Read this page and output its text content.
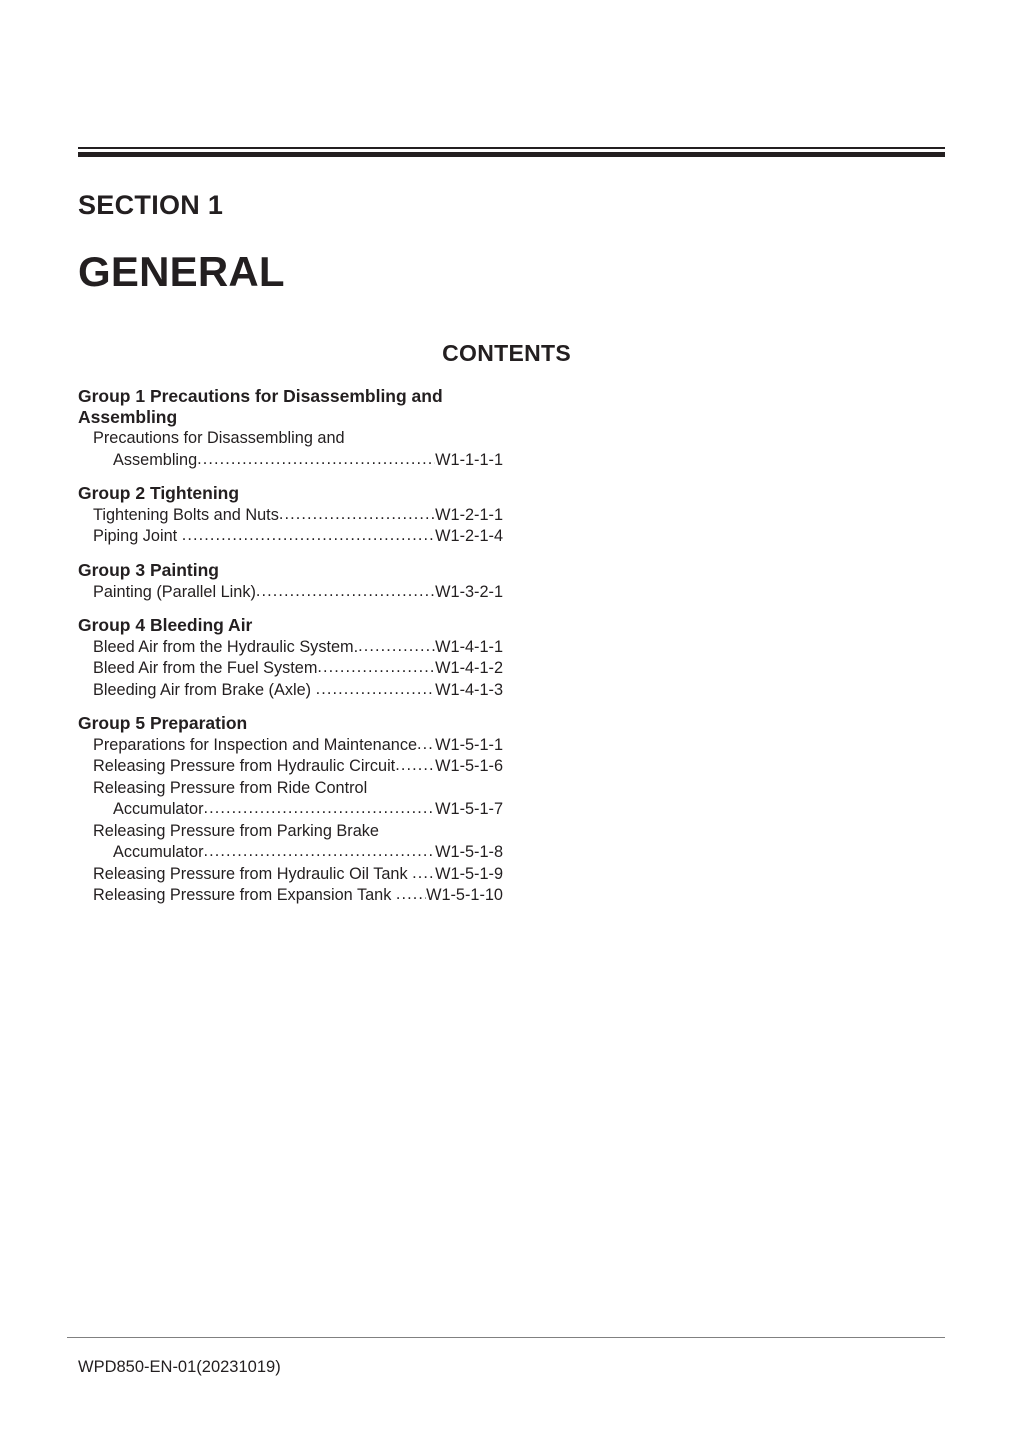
SECTION 1
GENERAL
CONTENTS
Group 1 Precautions for Disassembling and Assembling
Precautions for Disassembling and
Assembling .....	W1-1-1-1
Group 2 Tightening
Tightening Bolts and Nuts .....	W1-2-1-1
Piping Joint .....	W1-2-1-4
Group 3 Painting
Painting (Parallel Link) .....	W1-3-2-1
Group 4 Bleeding Air
Bleed Air from the Hydraulic System. .....	W1-4-1-1
Bleed Air from the Fuel System .....	W1-4-1-2
Bleeding Air from Brake (Axle) .....	W1-4-1-3
Group 5 Preparation
Preparations for Inspection and Maintenance ..... W1-5-1-1
Releasing Pressure from Hydraulic Circuit ..... W1-5-1-6
Releasing Pressure from Ride Control
Accumulator .....	W1-5-1-7
Releasing Pressure from Parking Brake
Accumulator .....	W1-5-1-8
Releasing Pressure from Hydraulic Oil Tank ..... W1-5-1-9
Releasing Pressure from Expansion Tank ..... W1-5-1-10
WPD850-EN-01(20231019)
